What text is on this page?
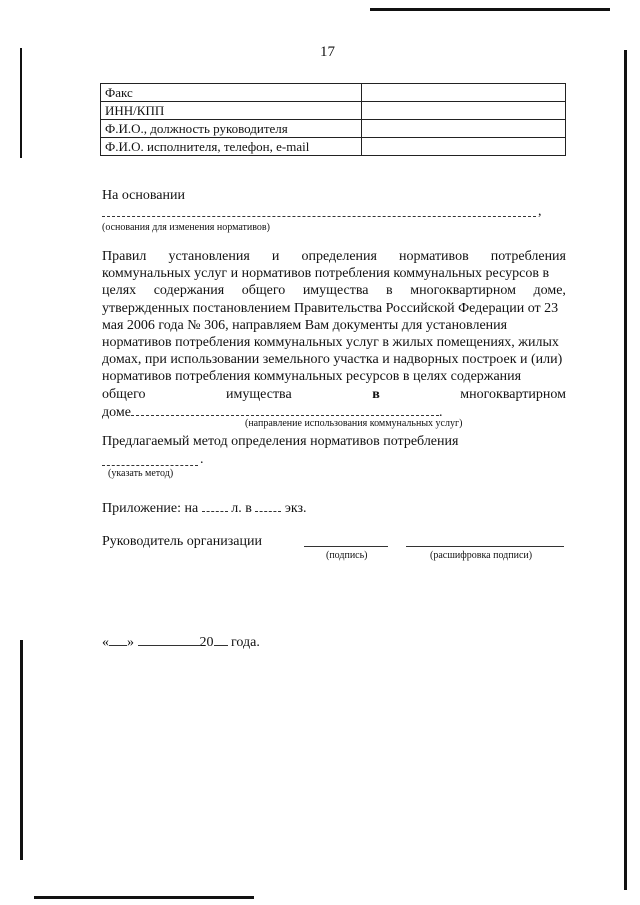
17
Факс	
ИНН/КПП	
Ф.И.О., должность руководителя	
Ф.И.О. исполнителя, телефон, e-mail	
На основании
,
(основания для изменения нормативов)
Правил установления и определения нормативов потребления
коммунальных услуг и нормативов потребления коммунальных ресурсов в
целях содержания общего имущества в многоквартирном доме,
утвержденных постановлением Правительства Российской Федерации от 23
мая 2006 года № 306, направляем Вам документы для установления
нормативов потребления коммунальных услуг в жилых помещениях, жилых
домах, при использовании земельного участка и надворных построек и (или)
нормативов потребления коммунальных ресурсов в целях содержания
общего	имущества	в	многоквартирном
доме	.
(направление использования коммунальных услуг)
Предлагаемый метод определения нормативов потребления
.
(указать метод)
Приложение: на л. в экз.
Руководитель организации
(подпись)	(расшифровка подписи)
« »	20 года.
